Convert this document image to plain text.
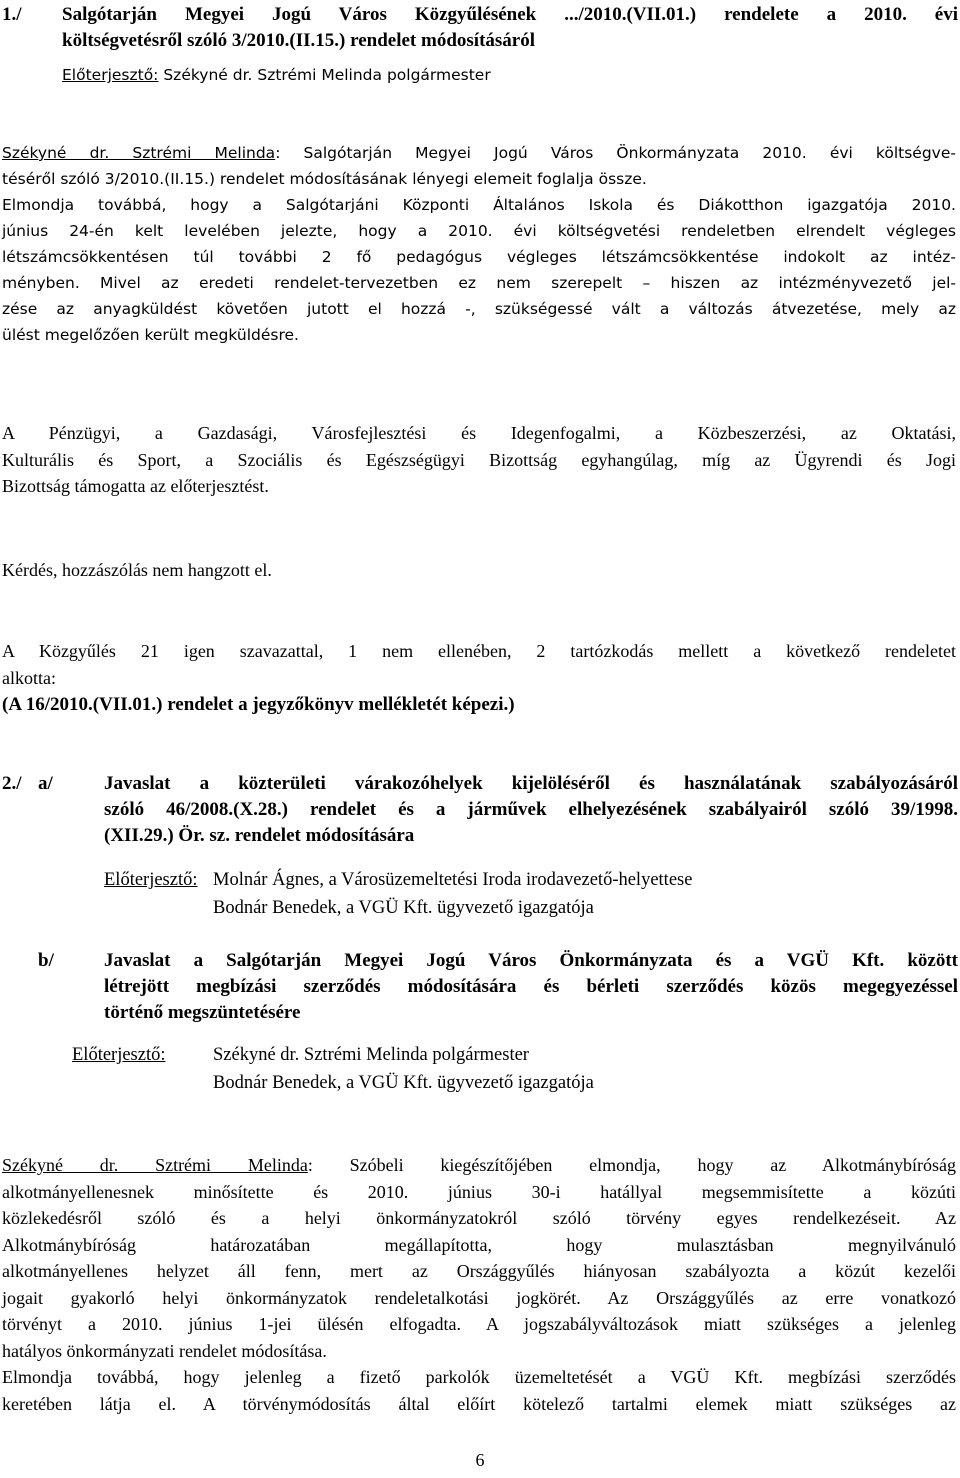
1./ Salgótarján Megyei Jogú Város Közgyűlésének .../2010.(VII.01.) rendelete a 2010. évi
költségvetésről szóló 3/2010.(II.15.) rendelet módosításáról
Előterjesztő: Székyné dr. Sztrémi Melinda polgármester
Székyné dr. Sztrémi Melinda: Salgótarján Megyei Jogú Város Önkormányzata 2010. évi költségve-
téséről szóló 3/2010.(II.15.) rendelet módosításának lényegi elemeit foglalja össze.
Elmondja továbbá, hogy a Salgótarjáni Központi Általános Iskola és Diákotthon igazgatója 2010.
június 24-én kelt levelében jelezte, hogy a 2010. évi költségvetési rendeletben elrendelt végleges
létszámcsökkentésen túl további 2 fő pedagógus végleges létszámcsökkentése indokolt az intéz-
ményben. Mivel az eredeti rendelet-tervezetben ez nem szerepelt – hiszen az intézményvezető jel-
zése az anyagküldést követően jutott el hozzá -, szükségessé vált a változás átvezetése, mely az
ülést megelőzően került megküldésre.
A Pénzügyi, a Gazdasági, Városfejlesztési és Idegenfogalmi, a Közbeszerzési, az Oktatási,
Kulturális és Sport, a Szociális és Egészségügyi Bizottság egyhangúlag, míg az Ügyrendi és Jogi
Bizottság támogatta az előterjesztést.
Kérdés, hozzászólás nem hangzott el.
A Közgyűlés 21 igen szavazattal, 1 nem ellenében, 2 tartózkodás mellett a következő rendeletet
alkotta:
(A 16/2010.(VII.01.) rendelet a jegyzőkönyv mellékletét képezi.)
2./ a/	Javaslat a közterületi várakozóhelyek kijelöléséről és használatának szabályozásáról
szóló 46/2008.(X.28.) rendelet és a járművek elhelyezésének szabályairól szóló 39/1998.
(XII.29.) Ör. sz. rendelet módosítására
Előterjesztő: Molnár Ágnes, a Városüzemeltetési Iroda irodavezető-helyettese
Bodnár Benedek, a VGÜ Kft. ügyvezető igazgatója
b/	Javaslat a Salgótarján Megyei Jogú Város Önkormányzata és a VGÜ Kft. között
létrejött megbízási szerződés módosítására és bérleti szerződés közös megegyezéssel
történő megszüntetésére
Előterjesztő:	Székyné dr. Sztrémi Melinda polgármester
Bodnár Benedek, a VGÜ Kft. ügyvezető igazgatója
Székyné dr. Sztrémi Melinda: Szóbeli kiegészítőjében elmondja, hogy az Alkotmánybíróság
alkotmányellenesnek minősítette és 2010. június 30-i hatállyal megsemmisítette a közúti
közlekedésről szóló és a helyi önkormányzatokról szóló törvény egyes rendelkezéseit. Az
Alkotmánybíróság határozatában megállapította, hogy mulasztásban megnyilvánuló
alkotmányellenes helyzet áll fenn, mert az Országgyűlés hiányosan szabályozta a közút kezelői
jogait gyakorló helyi önkormányzatok rendeletalkotási jogkörét. Az Országgyűlés az erre vonatkozó
törvényt a 2010. június 1-jei ülésén elfogadta. A jogszabályváltozások miatt szükséges a jelenleg
hatályos önkormányzati rendelet módosítása.
Elmondja továbbá, hogy jelenleg a fizető parkolók üzemeltetését a VGÜ Kft. megbízási szerződés
keretében látja el. A törvénymódosítás által előírt kötelező tartalmi elemek miatt szükséges az
6
